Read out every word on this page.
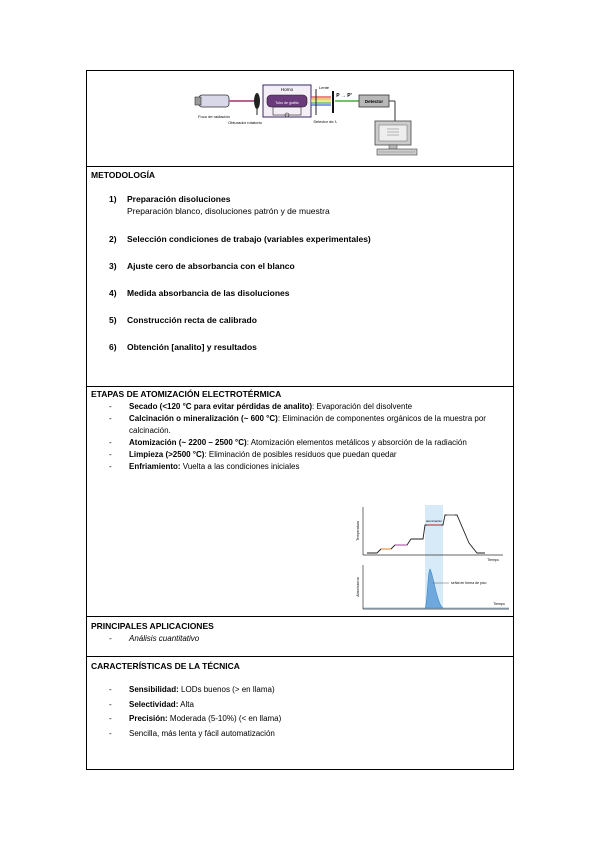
Foco de radiación
Obturador rotatorio
Horno
Tubo de grafito
Lente
Selector de λ
P → P'
Detector
METODOLOGÍA
1) Preparación disoluciones
Preparación blanco, disoluciones patrón y de muestra
2) Selección condiciones de trabajo (variables experimentales)
3) Ajuste cero de absorbancia con el blanco
4) Medida absorbancia de las disoluciones
5) Construcción recta de calibrado
6) Obtención [analito] y resultados
ETAPAS DE ATOMIZACIÓN ELECTROTÉRMICA
- Secado (<120 °C para evitar pérdidas de analito): Evaporación del disolvente
- Calcinación o mineralización (~ 600 °C): Eliminación de componentes orgánicos de la muestra por calcinación.
- Atomización (~ 2200 – 2500 °C): Atomización elementos metálicos y absorción de la radiación
- Limpieza (>2500 °C): Eliminación de posibles residuos que puedan quedar
- Enfriamiento: Vuelta a las condiciones iniciales
Temperatura
Tiempo
atomización
Absorbancia
Tiempo
señal en forma de pico
PRINCIPALES APLICACIONES
- Análisis cuantitativo
CARACTERÍSTICAS DE LA TÉCNICA
- Sensibilidad: LODs buenos (> en llama)
- Selectividad: Alta
- Precisión: Moderada (5-10%) (< en llama)
- Sencilla, más lenta y fácil automatización
